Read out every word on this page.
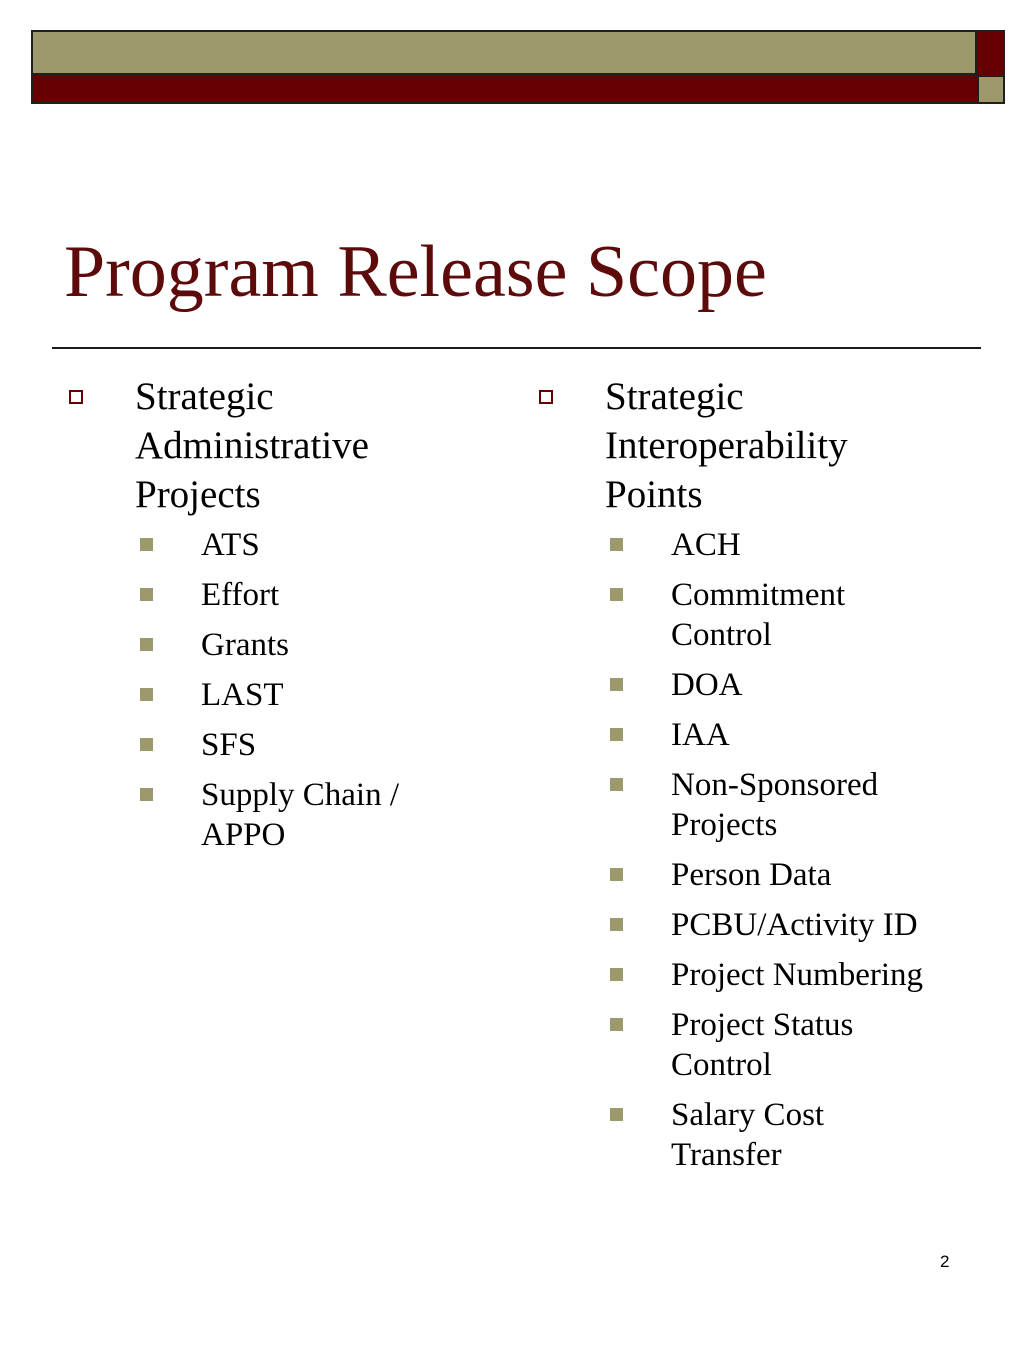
Program Release Scope
Strategic
Administrative
Projects
ATS
Effort
Grants
LAST
SFS
Supply Chain /
APPO
Strategic
Interoperability
Points
ACH
Commitment
Control
DOA
IAA
Non-Sponsored
Projects
Person Data
PCBU/Activity ID
Project Numbering
Project Status
Control
Salary Cost
Transfer
2
